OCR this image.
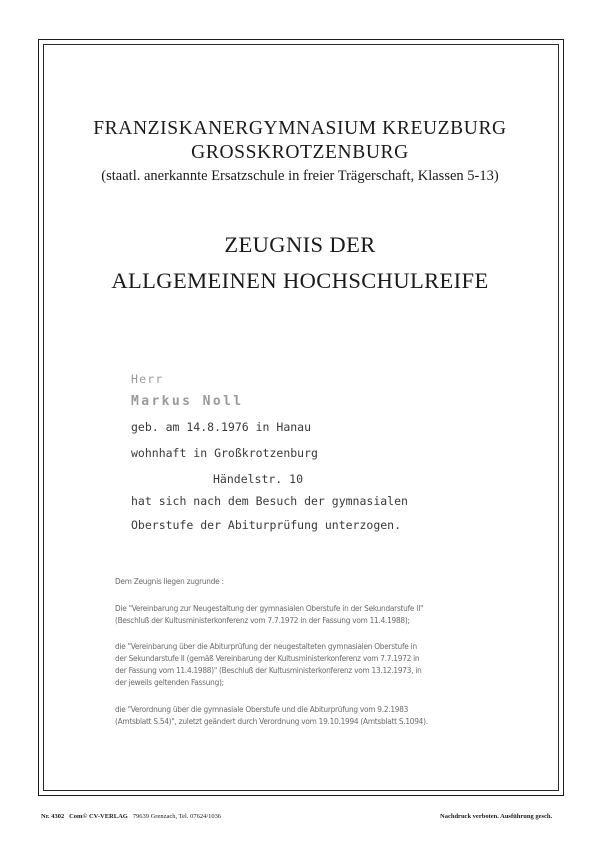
FRANZISKANERGYMNASIUM KREUZBURG
GROSSKROTZENBURG
(staatl. anerkannte Ersatzschule in freier Trägerschaft, Klassen 5-13)
ZEUGNIS DER
ALLGEMEINEN HOCHSCHULREIFE
Herr
Markus Noll
geb. am 14.8.1976 in Hanau
wohnhaft in Großkrotzenburg
Händelstr. 10
hat sich nach dem Besuch der gymnasialen
Oberstufe der Abiturprüfung unterzogen.
Dem Zeugnis liegen zugrunde :
Die "Vereinbarung zur Neugestaltung der gymnasialen Oberstufe in der Sekundarstufe II"
(Beschluß der Kultusministerkonferenz vom 7.7.1972 in der Fassung vom 11.4.1988);
die "Vereinbarung über die Abiturprüfung der neugestalteten gymnasialen Oberstufe in
der Sekundarstufe II (gemäß Vereinbarung der Kultusministerkonferenz vom 7.7.1972 in
der Fassung vom 11.4.1988)" (Beschluß der Kultusministerkonferenz vom 13.12.1973, in
der jeweils geltenden Fassung);
die "Verordnung über die gymnasiale Oberstufe und die Abiturprüfung vom 9.2.1983
(Amtsblatt S.54)", zuletzt geändert durch Verordnung vom 19.10.1994 (Amtsblatt S.1094).
Nr. 4302 Com© CV-VERLAG 79639 Grenzach, Tel. 07624/1036	Nachdruck verboten. Ausführung gesch.
